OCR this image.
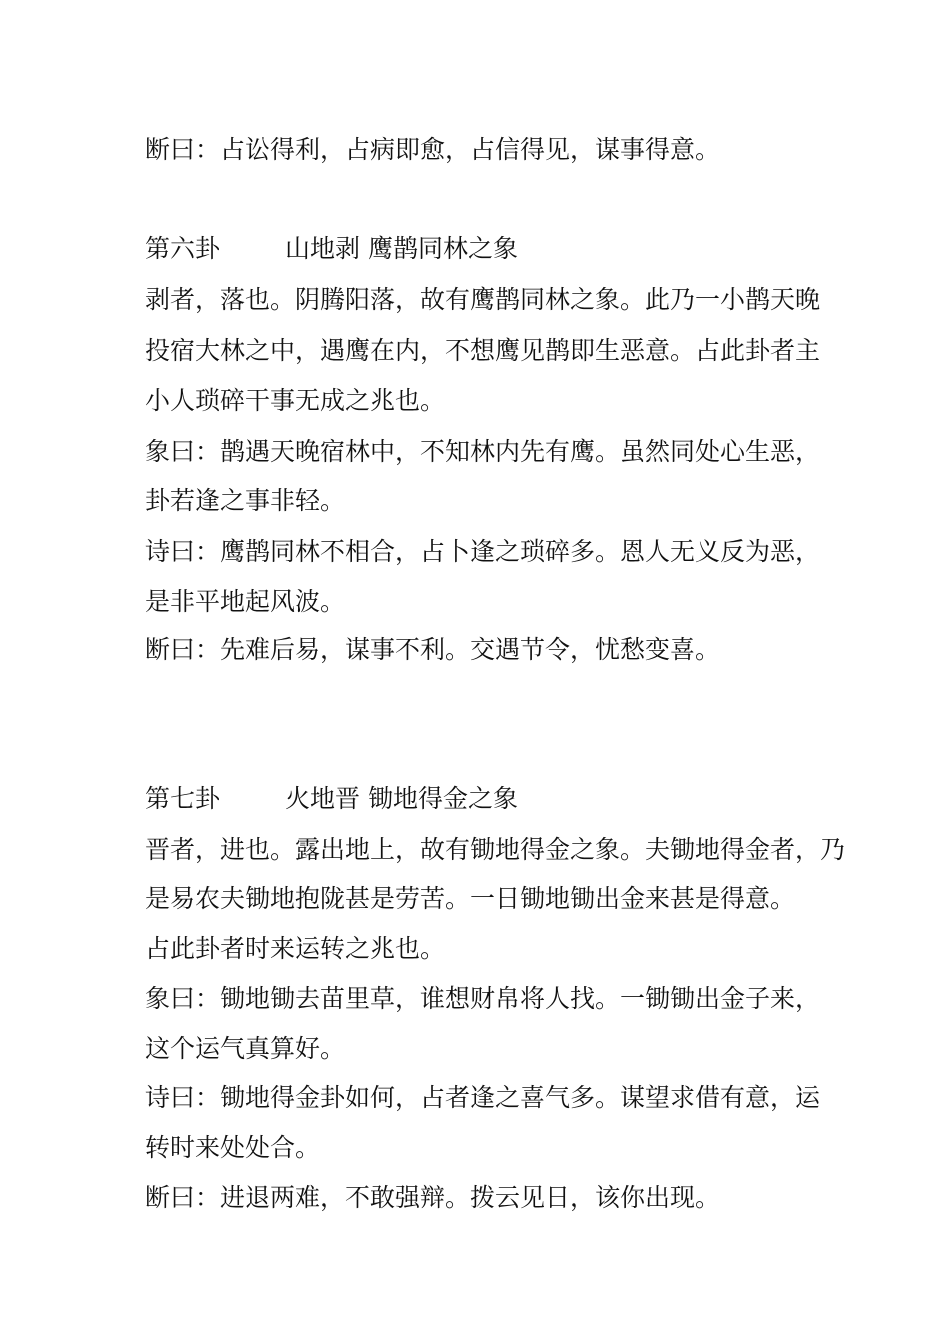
断曰：占讼得利，占病即愈，占信得见，谋事得意。
第六卦	山地剥 鹰鹊同林之象
剥者，落也。阴腾阳落，故有鹰鹊同林之象。此乃一小鹊天晚
投宿大林之中，遇鹰在内，不想鹰见鹊即生恶意。占此卦者主
小人琐碎干事无成之兆也。
象曰：鹊遇天晚宿林中，不知林内先有鹰。虽然同处心生恶，
卦若逢之事非轻。
诗曰：鹰鹊同林不相合，占卜逢之琐碎多。恩人无义反为恶，
是非平地起风波。
断曰：先难后易，谋事不利。交遇节令，忧愁变喜。
第七卦	火地晋 锄地得金之象
晋者，进也。露出地上，故有锄地得金之象。夫锄地得金者，乃
是易农夫锄地抱陇甚是劳苦。一日锄地锄出金来甚是得意。
占此卦者时来运转之兆也。
象曰：锄地锄去苗里草，谁想财帛将人找。一锄锄出金子来，
这个运气真算好。
诗曰：锄地得金卦如何，占者逢之喜气多。谋望求借有意，运
转时来处处合。
断曰：进退两难，不敢强辩。拨云见日，该你出现。
